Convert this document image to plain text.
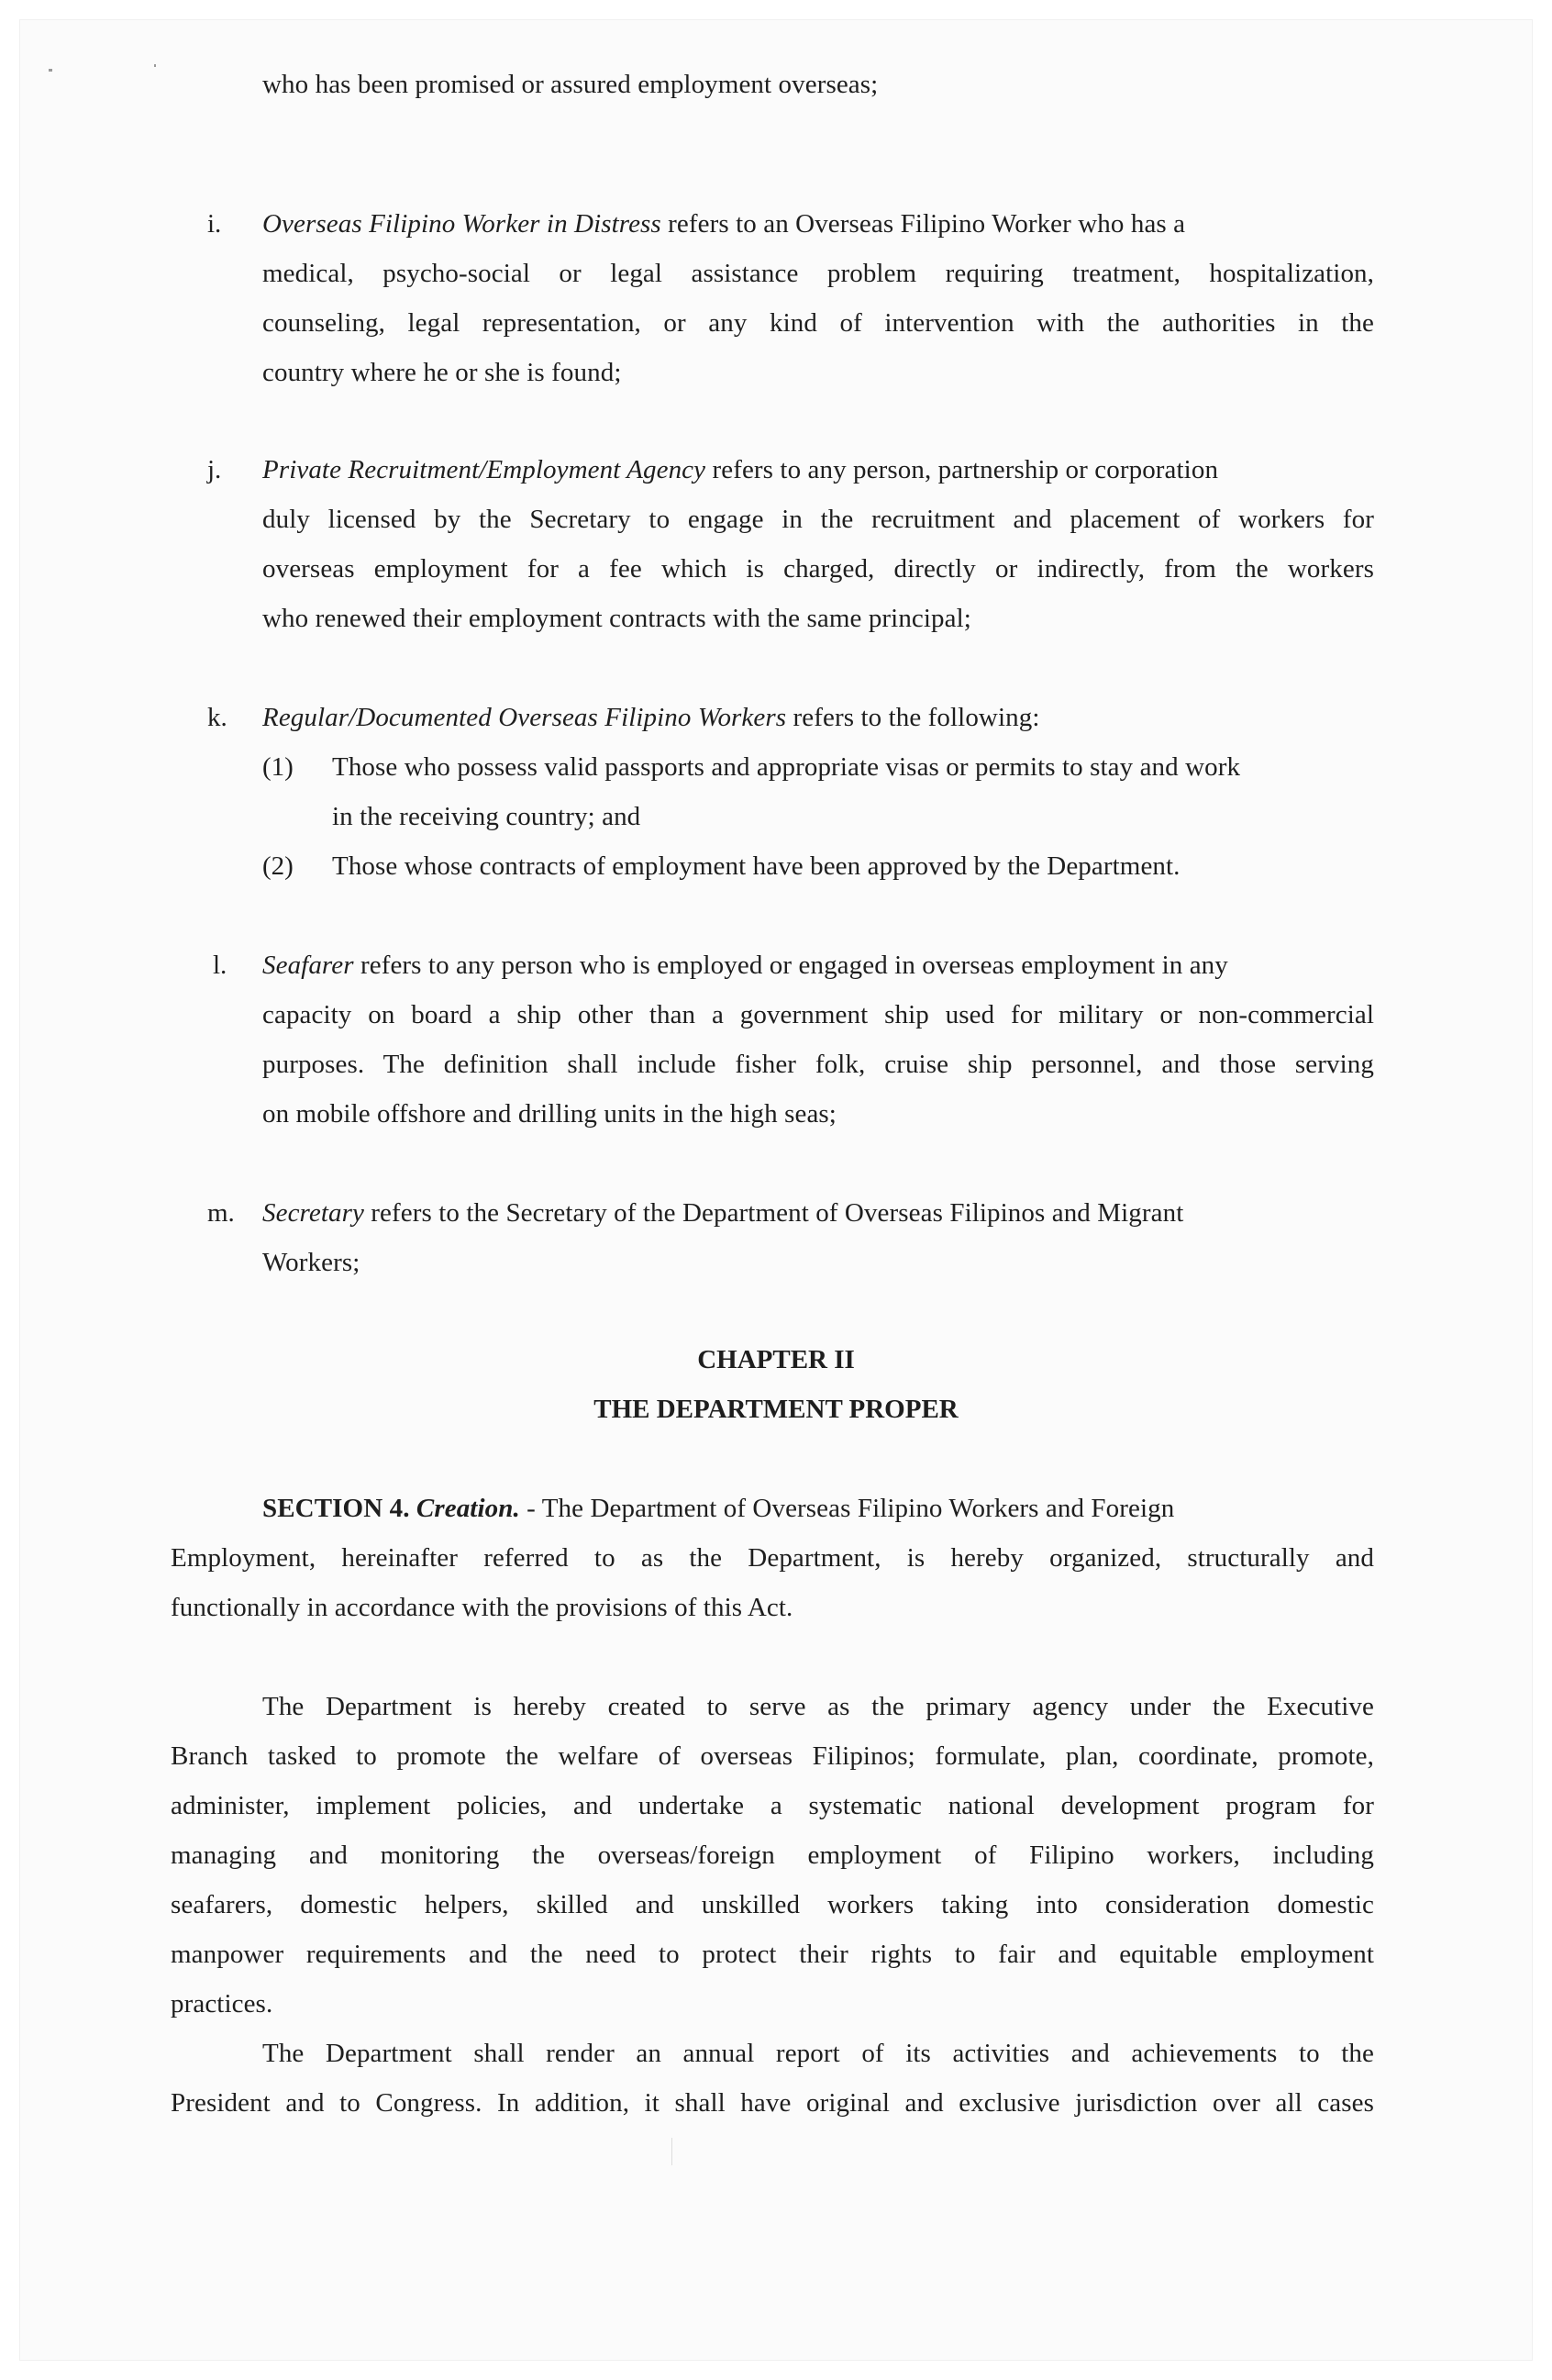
who has been promised or assured employment overseas;
i. Overseas Filipino Worker in Distress refers to an Overseas Filipino Worker who has a
medical, psycho-social or legal assistance problem requiring treatment, hospitalization,
counseling, legal representation, or any kind of intervention with the authorities in the
country where he or she is found;
j. Private Recruitment/Employment Agency refers to any person, partnership or corporation
duly licensed by the Secretary to engage in the recruitment and placement of workers for
overseas employment for a fee which is charged, directly or indirectly, from the workers
who renewed their employment contracts with the same principal;
k. Regular/Documented Overseas Filipino Workers refers to the following:
(1) Those who possess valid passports and appropriate visas or permits to stay and work
in the receiving country; and
(2) Those whose contracts of employment have been approved by the Department.
l. Seafarer refers to any person who is employed or engaged in overseas employment in any
capacity on board a ship other than a government ship used for military or non-commercial
purposes. The definition shall include fisher folk, cruise ship personnel, and those serving
on mobile offshore and drilling units in the high seas;
m. Secretary refers to the Secretary of the Department of Overseas Filipinos and Migrant
Workers;
CHAPTER II
THE DEPARTMENT PROPER
SECTION 4. Creation. - The Department of Overseas Filipino Workers and Foreign
Employment, hereinafter referred to as the Department, is hereby organized, structurally and
functionally in accordance with the provisions of this Act.
The Department is hereby created to serve as the primary agency under the Executive
Branch tasked to promote the welfare of overseas Filipinos; formulate, plan, coordinate, promote,
administer, implement policies, and undertake a systematic national development program for
managing and monitoring the overseas/foreign employment of Filipino workers, including
seafarers, domestic helpers, skilled and unskilled workers taking into consideration domestic
manpower requirements and the need to protect their rights to fair and equitable employment
practices.
The Department shall render an annual report of its activities and achievements to the
President and to Congress. In addition, it shall have original and exclusive jurisdiction over all cases
